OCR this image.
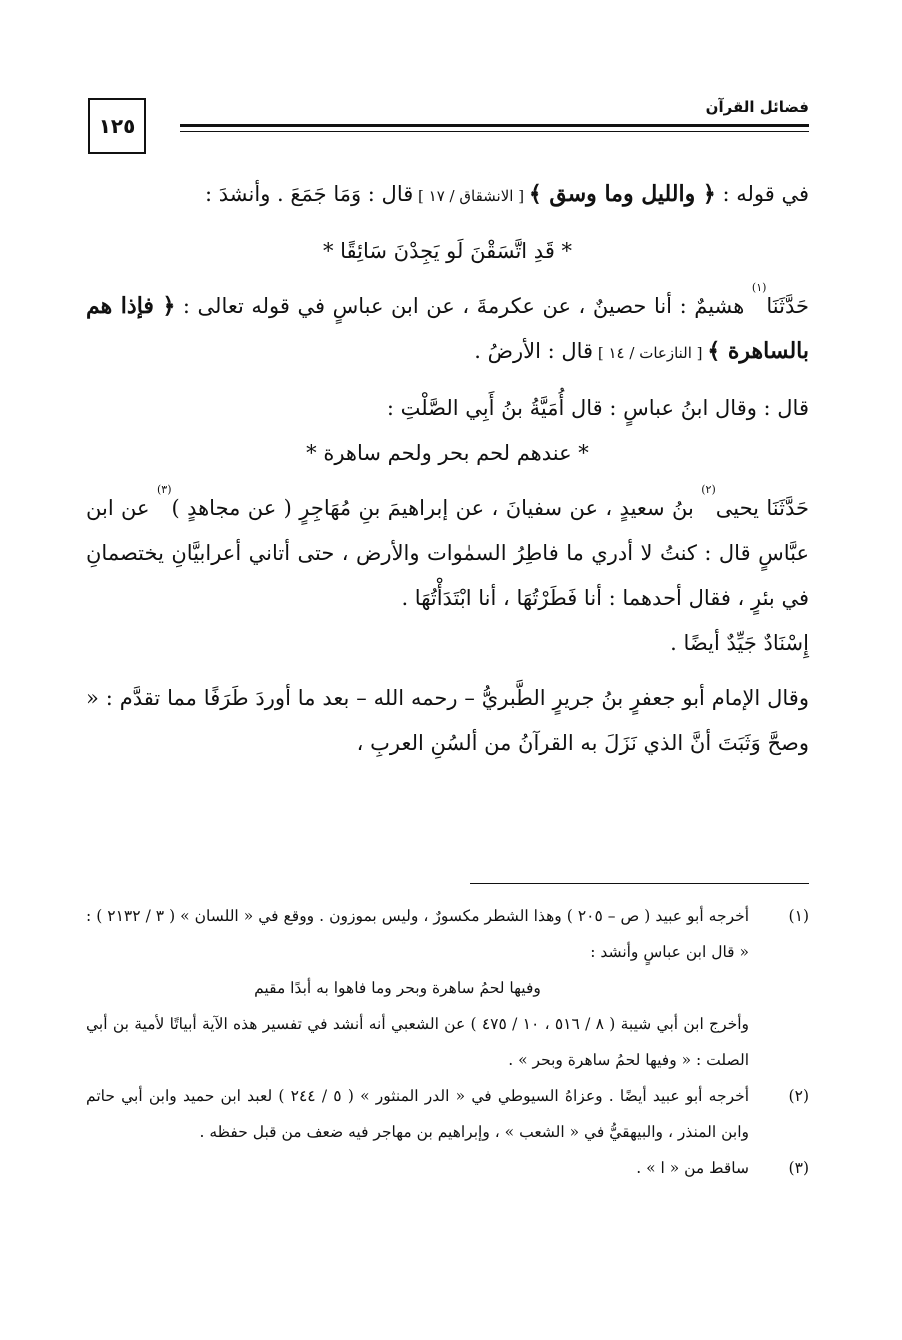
١٢٥
فضائل القرآن

في قوله : ﴿ والليل وما وسق ﴾ [ الانشقاق / ١٧ ] قال : وَمَا جَمَعَ . وأنشدَ :

* قَدِ اتَّسَقْنَ لَو يَجِدْنَ سَائِقًا *

حَدَّثَنَا$^{(١)}$ هشيمٌ : أنا حصينٌ ، عن عكرمةَ ، عن ابن عباسٍ في قوله تعالى : ﴿ فإذا هم بالساهرة ﴾ [ النازعات / ١٤ ] قال : الأرضُ .

قال : وقال ابنُ عباسٍ : قال أُمَيَّةُ بنُ أَبِي الصَّلْتِ :

* عندهم لحم بحر ولحم ساهرة *

حَدَّثَنَا يحيى$^{(٢)}$ بنُ سعيدٍ ، عن سفيانَ ، عن إبراهيمَ بنِ مُهَاجِرٍ ( عن مجاهدٍ )$^{(٣)}$ عن ابن عبَّاسٍ قال : كنتُ لا أدري ما فاطِرُ السمٰوات والأرض ، حتى أتاني أعرابيَّانِ يختصمانِ في بئرٍ ، فقال أحدهما : أنا فَطَرْتُهَا ، أنا ابْتَدَأْتُهَا .

إِسْنَادٌ جَيِّدٌ أيضًا .

وقال الإمام أبو جعفرٍ بنُ جريرٍ الطَّبريُّ – رحمه الله – بعد ما أوردَ طَرَفًا مما تقدَّم : « وصحَّ وَثَبَتَ أنَّ الذي نَزَلَ به القرآنُ من ألسُنِ العربِ ،

(١)
أخرجه أبو عبيد ( ص – ٢٠٥ ) وهذا الشطر مكسورٌ ، وليس بموزون . ووقع في « اللسان » ( ٣ / ٢١٣٢ ) : « قال ابن عباسٍ وأنشد :
وفيها لحمُ ساهرة وبحر وما فاهوا به أبدًا مقيم
وأخرج ابن أبي شيبة ( ٨ / ٥١٦ ، ١٠ / ٤٧٥ ) عن الشعبي أنه أنشد في تفسير هذه الآية أبياتًا لأمية بن أبي الصلت : « وفيها لحمُ ساهرة وبحر » .
(٢)
أخرجه أبو عبيد أيضًا . وعزاهُ السيوطي في « الدر المنثور » ( ٥ / ٢٤٤ ) لعبد ابن حميد وابن أبي حاتم وابن المنذر ، والبيهقيُّ في « الشعب » ، وإبراهيم بن مهاجر فيه ضعف من قبل حفظه .
(٣)
ساقط من « ا » .
